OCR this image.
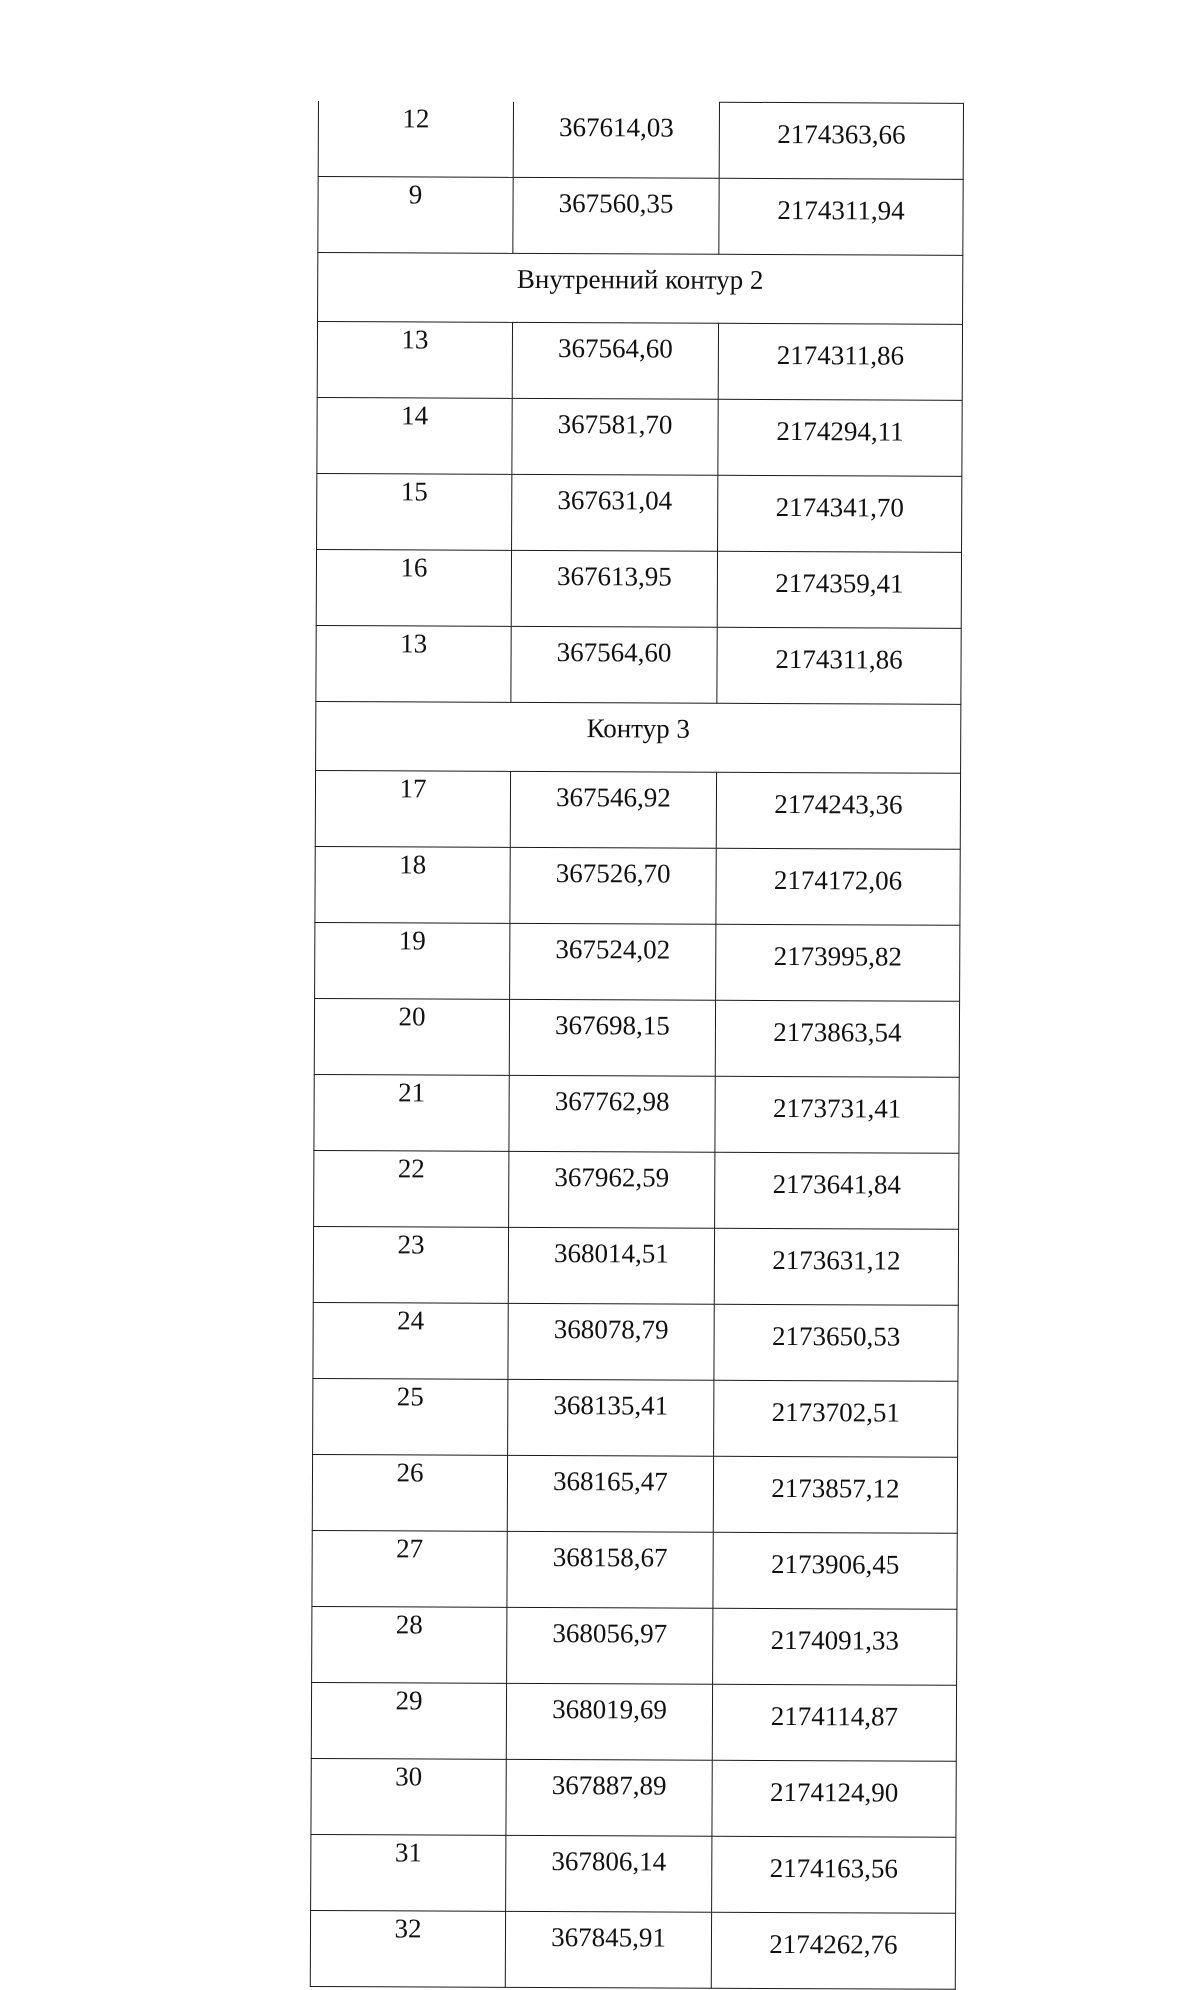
12	367614,03	2174363,66
9	367560,35	2174311,94
Внутренний контур 2		
13	367564,60	2174311,86
14	367581,70	2174294,11
15	367631,04	2174341,70
16	367613,95	2174359,41
13	367564,60	2174311,86
Контур 3		
17	367546,92	2174243,36
18	367526,70	2174172,06
19	367524,02	2173995,82
20	367698,15	2173863,54
21	367762,98	2173731,41
22	367962,59	2173641,84
23	368014,51	2173631,12
24	368078,79	2173650,53
25	368135,41	2173702,51
26	368165,47	2173857,12
27	368158,67	2173906,45
28	368056,97	2174091,33
29	368019,69	2174114,87
30	367887,89	2174124,90
31	367806,14	2174163,56
32	367845,91	2174262,76
